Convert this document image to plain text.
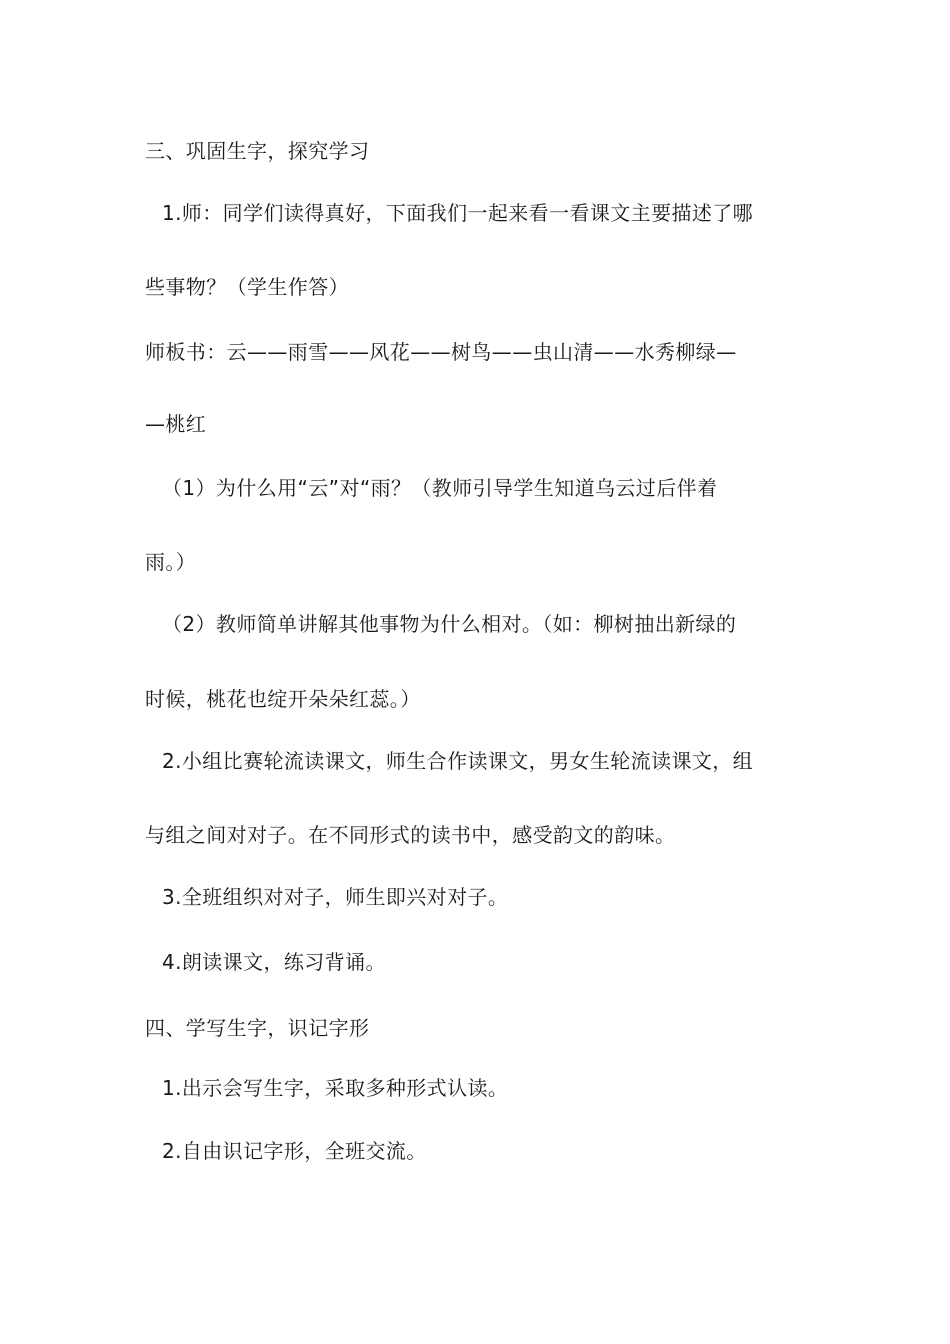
三、巩固生字，探究学习
1.师：同学们读得真好，下面我们一起来看一看课文主要描述了哪
些事物？（学生作答）
师板书：云——雨雪——风花——树鸟——虫山清——水秀柳绿—
—桃红
（1）为什么用“云”对“雨？（教师引导学生知道乌云过后伴着
雨。）
（2）教师简单讲解其他事物为什么相对。（如：柳树抽出新绿的
时候，桃花也绽开朵朵红蕊。）
2.小组比赛轮流读课文，师生合作读课文，男女生轮流读课文，组
与组之间对对子。在不同形式的读书中，感受韵文的韵味。
3.全班组织对对子，师生即兴对对子。
4.朗读课文，练习背诵。
四、学写生字，识记字形
1.出示会写生字，采取多种形式认读。
2.自由识记字形，全班交流。
